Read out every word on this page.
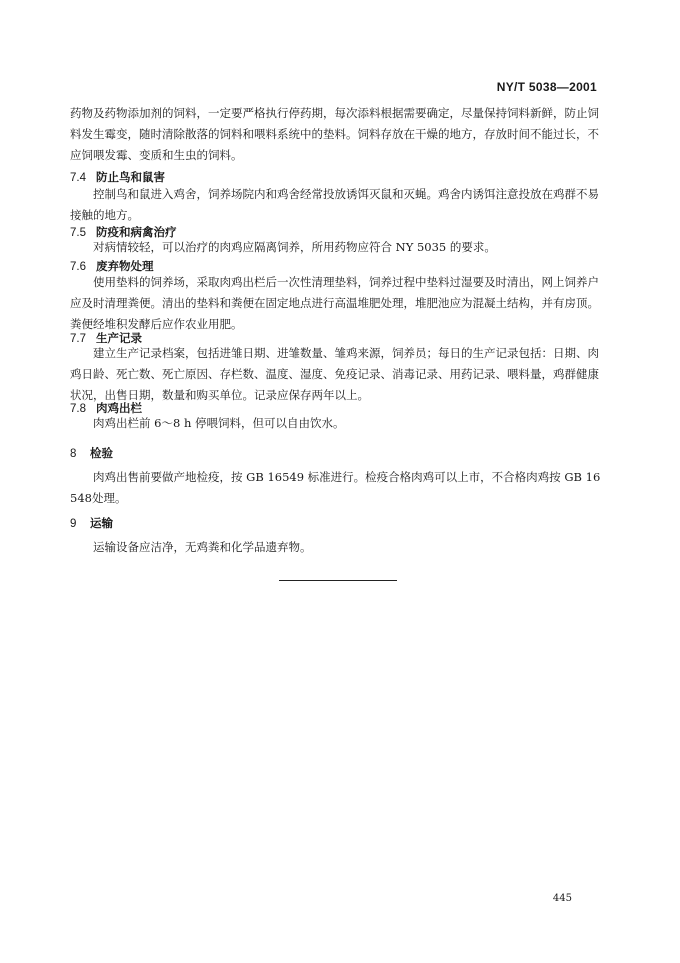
NY/T 5038—2001

药物及药物添加剂的饲料，一定要严格执行停药期，每次添料根据需要确定，尽量保持饲料新鲜，防止饲料发生霉变，随时清除散落的饲料和喂料系统中的垫料。饲料存放在干燥的地方，存放时间不能过长，不应饲喂发霉、变质和生虫的饲料。

7.4 防止鸟和鼠害

控制鸟和鼠进入鸡舍，饲养场院内和鸡舍经常投放诱饵灭鼠和灭蝇。鸡舍内诱饵注意投放在鸡群不易接触的地方。

7.5 防疫和病禽治疗

对病情较轻，可以治疗的肉鸡应隔离饲养，所用药物应符合 NY 5035 的要求。

7.6 废弃物处理

使用垫料的饲养场，采取肉鸡出栏后一次性清理垫料，饲养过程中垫料过湿要及时清出，网上饲养户应及时清理粪便。清出的垫料和粪便在固定地点进行高温堆肥处理，堆肥池应为混凝土结构，并有房顶。粪便经堆积发酵后应作农业用肥。

7.7 生产记录

建立生产记录档案，包括进雏日期、进雏数量、雏鸡来源，饲养员；每日的生产记录包括：日期、肉鸡日龄、死亡数、死亡原因、存栏数、温度、湿度、免疫记录、消毒记录、用药记录、喂料量，鸡群健康状况，出售日期，数量和购买单位。记录应保存两年以上。

7.8 肉鸡出栏

肉鸡出栏前 6～8 h 停喂饲料，但可以自由饮水。

8 检验

肉鸡出售前要做产地检疫，按 GB 16549 标准进行。检疫合格肉鸡可以上市，不合格肉鸡按 GB 16548处理。

9 运输

运输设备应洁净，无鸡粪和化学品遗弃物。

445
